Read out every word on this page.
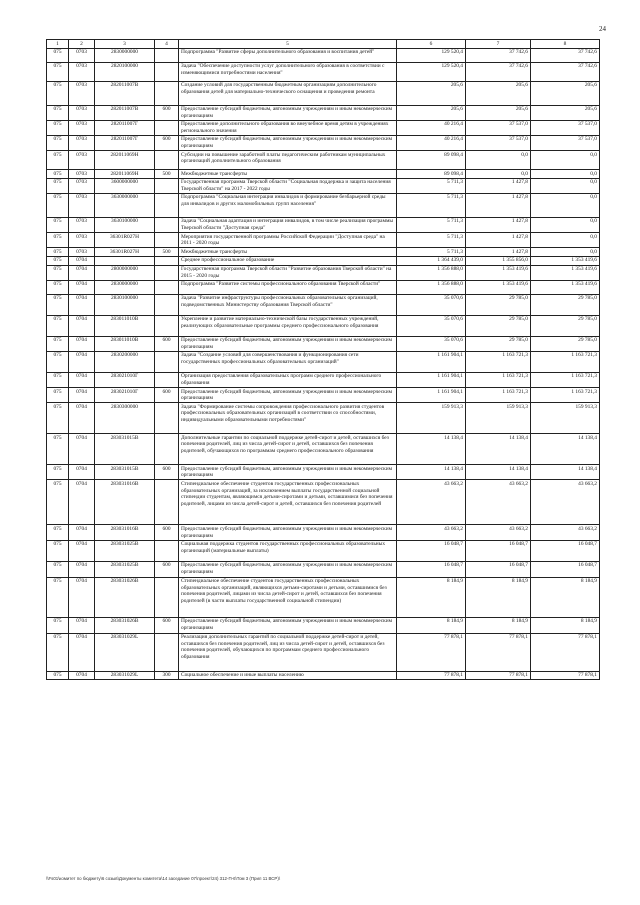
24
1	2	3	4	5	6	7	8
075	0703	2830000000		Подпрограмма "Развитие сферы дополнительного образования и воспитания детей"	129 520,4	37 742,6	37 742,6
075	0703	2820100000		Задача "Обеспечение доступности услуг дополнительного образования в соответствии с изменяющимися потребностями населения"	129 520,4	37 742,6	37 742,6
075	0703	282011007В		Создание условий для государственным бюджетным организациям дополнительного образования детей для материально-технического оснащения и проведения ремонта	205,6	205,6	205,6
075	0703	282011007В	600	Предоставление субсидий бюджетным, автономным учреждениям и иным некоммерческим организациям	205,6	205,6	205,6
075	0703	282011007Г		Предоставление дополнительного образования во внеучебное время детям в учреждениях регионального значения	40 216,4	37 537,0	37 537,0
075	0703	282011007Г	600	Предоставление субсидий бюджетным, автономным учреждениям и иным некоммерческим организациям	40 216,4	37 537,0	37 537,0
075	0703	282011069Н		Субсидии на повышение заработной платы педагогическим работникам муниципальных организаций дополнительного образования	89 098,4	0,0	0,0
075	0703	282011069Н	500	Межбюджетные трансферты	89 098,4	0,0	0,0
075	0703	3600000000		Государственная программа Тверской области "Социальная поддержка и защита населения Тверской области" на 2017 - 2022 годы	5 711,3	1 427,8	0,0
075	0703	3630000000		Подпрограмма "Социальная интеграция инвалидов и формирование безбарьерной среды для инвалидов и других маломобильных групп населения"	5 711,3	1 427,8	0,0
075	0703	3630100000		Задача "Социальная адаптация и интеграция инвалидов, в том числе реализация программы Тверской области "Доступная среда"	5 711,3	1 427,8	0,0
075	0703	36301R027Н		Мероприятия государственной программы Российской Федерации "Доступная среда" на 2011 - 2020 годы	5 711,3	1 427,8	0,0
075	0703	36301R027Н	500	Межбюджетные трансферты	5 711,3	1 427,8	0,0
075	0704			Среднее профессиональное образование	1 364 439,0	1 355 856,0	1 353 419,6
075	0704	2800000000		Государственная программа Тверской области "Развитие образования Тверской области" на 2015 - 2020 годы	1 356 888,0	1 353 419,6	1 353 419,6
075	0704	2830000000		Подпрограмма "Развитие системы профессионального образования Тверской области"	1 356 888,0	1 353 419,6	1 353 419,6
075	0704	2830100000		Задача "Развитие инфраструктуры профессиональных образовательных организаций, подведомственных Министерству образования Тверской области"	35 070,6	29 785,0	29 785,0
075	0704	283011010В		Укрепление и развитие материально-технической базы государственных учреждений, реализующих образовательные программы среднего профессионального образования	35 070,6	29 785,0	29 785,0
075	0704	283011010В	600	Предоставление субсидий бюджетным, автономным учреждениям и иным некоммерческим организациям	35 070,6	29 785,0	29 785,0
075	0704	2830200000		Задача "Создание условий для совершенствования и функционирования сети государственных профессиональных образовательных организаций"	1 161 904,1	1 163 721,3	1 163 721,3
075	0704	283021010Г		Организация предоставления образовательных программ среднего профессионального образования	1 161 904,1	1 163 721,3	1 163 721,3
075	0704	283021010Г	600	Предоставление субсидий бюджетным, автономным учреждениям и иным некоммерческим организациям	1 161 904,1	1 163 721,3	1 163 721,3
075	0704	2830300000		Задача "Формирование системы сопровождения профессионального развития студентов профессиональных образовательных организаций в соответствии со способностями, индивидуальными образовательными потребностями"	159 913,3	159 913,3	159 913,3
075	0704	283031015В		Дополнительные гарантии по социальной поддержке детей-сирот и детей, оставшихся без попечения родителей, лиц из числа детей-сирот и детей, оставшихся без попечения родителей, обучающихся по программам среднего профессионального образования	14 138,4	14 138,4	14 138,4
075	0704	283031015В	600	Предоставление субсидий бюджетным, автономным учреждениям и иным некоммерческим организациям	14 138,4	14 138,4	14 138,4
075	0704	283031016В		Стипендиальное обеспечение студентов государственных профессиональных образовательных организаций, за исключением выплаты государственной социальной стипендии студентам, являющимся детьми-сиротами и детьми, оставшимися без попечения родителей, лицами из числа детей-сирот и детей, оставшихся без попечения родителей	43 663,2	43 663,2	43 663,2
075	0704	283031016В	600	Предоставление субсидий бюджетным, автономным учреждениям и иным некоммерческим организациям	43 663,2	43 663,2	43 663,2
075	0704	283031025В		Социальная поддержка студентов государственных профессиональных образовательных организаций (материальные выплаты)	16 048,7	16 048,7	16 048,7
075	0704	283031025В	600	Предоставление субсидий бюджетным, автономным учреждениям и иным некоммерческим организациям	16 048,7	16 048,7	16 048,7
075	0704	283031026В		Стипендиальное обеспечение студентов государственных профессиональных образовательных организаций, являющихся детьми-сиротами и детьми, оставшимися без попечения родителей, лицами из числа детей-сирот и детей, оставшихся без попечения родителей (в части выплаты государственной социальной стипендии)	8 184,9	8 184,9	8 184,9
075	0704	283031026В	600	Предоставление субсидий бюджетным, автономным учреждениям и иным некоммерческим организациям	8 184,9	8 184,9	8 184,9
075	0704	283031029L		Реализация дополнительных гарантий по социальной поддержке детей-сирот и детей, оставшихся без попечения родителей, лиц из числа детей-сирот и детей, оставшихся без попечения родителей, обучающихся по программам среднего профессионального образования	77 878,1	77 878,1	77 878,1
075	0704	283031029L	300	Социальное обеспечение и иные выплаты населению	77 878,1	77 878,1	77 878,1
\\Fs01\комитет по бюджету\6 созыв\Документы комитета\14 заседание 07\проект\24) 312-П-6\Том 3 (Прил 11 ВСР)\
